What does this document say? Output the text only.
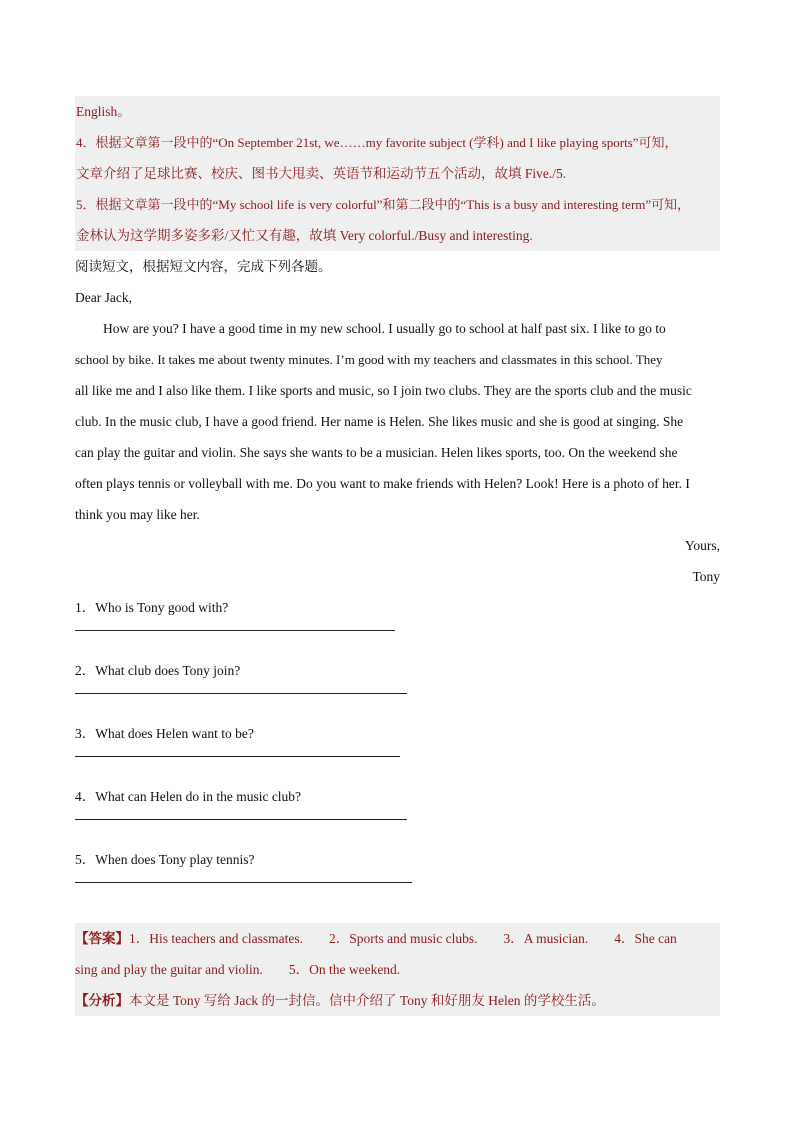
English。
4．根据文章第一段中的“On September 21st, we……my favorite subject (学科) and I like playing sports”可知，
文章介绍了足球比赛、校庆、图书大甩卖、英语节和运动节五个活动，故填 Five./5.
5．根据文章第一段中的“My school life is very colorful”和第二段中的“This is a busy and interesting term”可知，
金林认为这学期多姿多彩/又忙又有趣，故填 Very colorful./Busy and interesting.
阅读短文，根据短文内容，完成下列各题。
Dear Jack,
How are you? I have a good time in my new school. I usually go to school at half past six. I like to go to
school by bike. It takes me about twenty minutes. I’m good with my teachers and classmates in this school. They
all like me and I also like them. I like sports and music, so I join two clubs. They are the sports club and the music
club. In the music club, I have a good friend. Her name is Helen. She likes music and she is good at singing. She
can play the guitar and violin. She says she wants to be a musician. Helen likes sports, too. On the weekend she
often plays tennis or volleyball with me. Do you want to make friends with Helen? Look! Here is a photo of her. I
think you may like her.
Yours,
Tony
1．Who is Tony good with?
2．What club does Tony join?
3．What does Helen want to be?
4．What can Helen do in the music club?
5．When does Tony play tennis?
【答案】1．His teachers and classmates. 2．Sports and music clubs. 3．A musician. 4．She can
sing and play the guitar and violin. 5．On the weekend.
【分析】本文是 Tony 写给 Jack 的一封信。信中介绍了 Tony 和好朋友 Helen 的学校生活。
